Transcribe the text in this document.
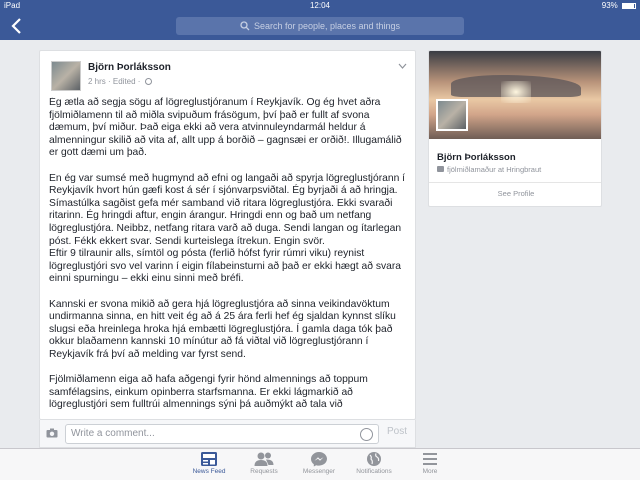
iPad	12:04	93%
Search for people, places and things
Björn Þorláksson
2 hrs · Edited ·

Ég ætla að segja sögu af lögreglustjóranum í Reykjavík. Og ég hvet aðra fjölmiðlamenn til að miðla svipuðum frásögum, því það er fullt af svona dæmum, því miður. Það eiga ekki að vera atvinnuleyndarmál heldur á almenningur skilið að vita af, allt upp á borðið – gagnsæi er orðið!. Illugamálið er gott dæmi um það.

En ég var sumsé með hugmynd að efni og langaði að spyrja lögreglustjórann í Reykjavík hvort hún gæfi kost á sér í sjónvarpsviðtal. Ég byrjaði á að hringja. Símastúlka sagðist gefa mér samband við ritara lögreglustjóra. Ekki svaraði ritarinn. Ég hringdi aftur, engin árangur. Hringdi enn og bað um netfang lögreglustjóra. Neibbz, netfang ritara varð að duga. Sendi langan og ítarlegan póst. Fékk ekkert svar. Sendi kurteislega ítrekun. Engin svör.
Eftir 9 tilraunir alls, símtöl og pósta (ferlið hófst fyrir rúmri viku) reynist lögreglustjóri svo vel varinn í eigin fílabeinsturni að það er ekki hægt að svara einni spurningu – ekki einu sinni með bréfi.

Kannski er svona mikið að gera hjá lögreglustjóra að sinna veikindavöktum undirmanna sinna, en hitt veit ég að á 25 ára ferli hef ég sjaldan kynnst slíku slugsi eða hreinlega hroka hjá embætti lögreglustjóra. Í gamla daga tók það okkur blaðamenn kannski 10 mínútur að fá viðtal við lögreglustjórann í Reykjavík frá því að melding var fyrst send.

Fjölmiðlamenn eiga að hafa aðgengi fyrir hönd almennings að toppum samfélagsins, einkum opinberra starfsmanna. Er ekki lágmarkið að lögreglustjóri sem fulltrúi almennings sýni þá auðmýkt að tala við

Write a comment...	Post
Björn Þorláksson
fjölmiðlamaður at Hringbraut
See Profile
News Feed	Requests	Messenger	Notifications	More
